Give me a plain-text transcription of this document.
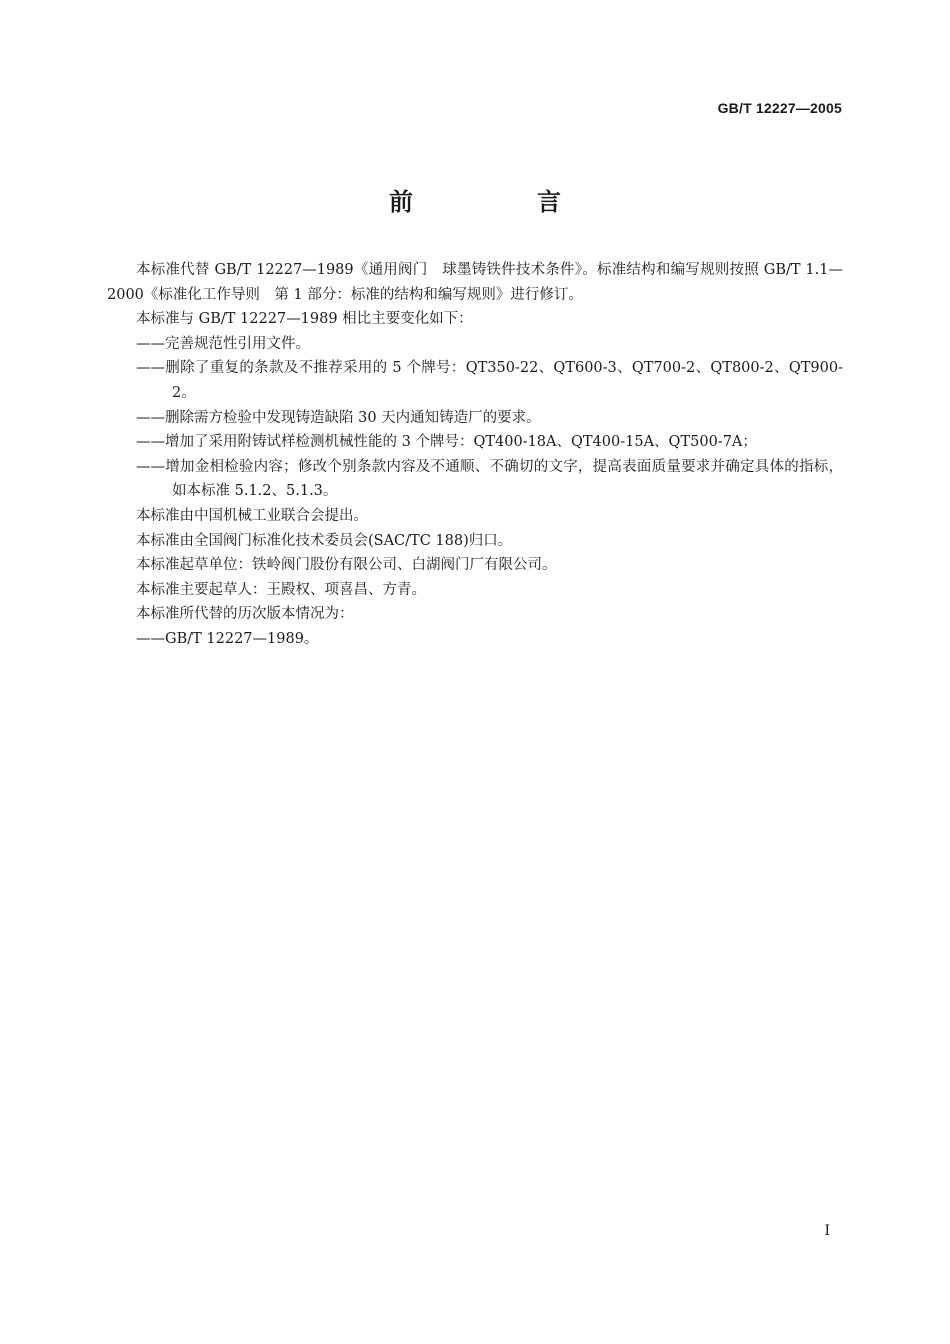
GB/T 12227—2005
前　言

本标准代替 GB/T 12227—1989《通用阀门　球墨铸铁件技术条件》。标准结构和编写规则按照 GB/T 1.1—2000《标准化工作导则　第 1 部分：标准的结构和编写规则》进行修订。

本标准与 GB/T 12227—1989 相比主要变化如下：

——完善规范性引用文件。

——删除了重复的条款及不推荐采用的 5 个牌号：QT350-22、QT600-3、QT700-2、QT800-2、QT900-2。

——删除需方检验中发现铸造缺陷 30 天内通知铸造厂的要求。

——增加了采用附铸试样检测机械性能的 3 个牌号：QT400-18A、QT400-15A、QT500-7A；

——增加金相检验内容；修改个别条款内容及不通顺、不确切的文字，提高表面质量要求并确定具体的指标，如本标准 5.1.2、5.1.3。

本标准由中国机械工业联合会提出。

本标准由全国阀门标准化技术委员会(SAC/TC 188)归口。

本标准起草单位：铁岭阀门股份有限公司、白湖阀门厂有限公司。

本标准主要起草人：王殿权、项喜昌、方青。

本标准所代替的历次版本情况为：

——GB/T 12227—1989。

I
